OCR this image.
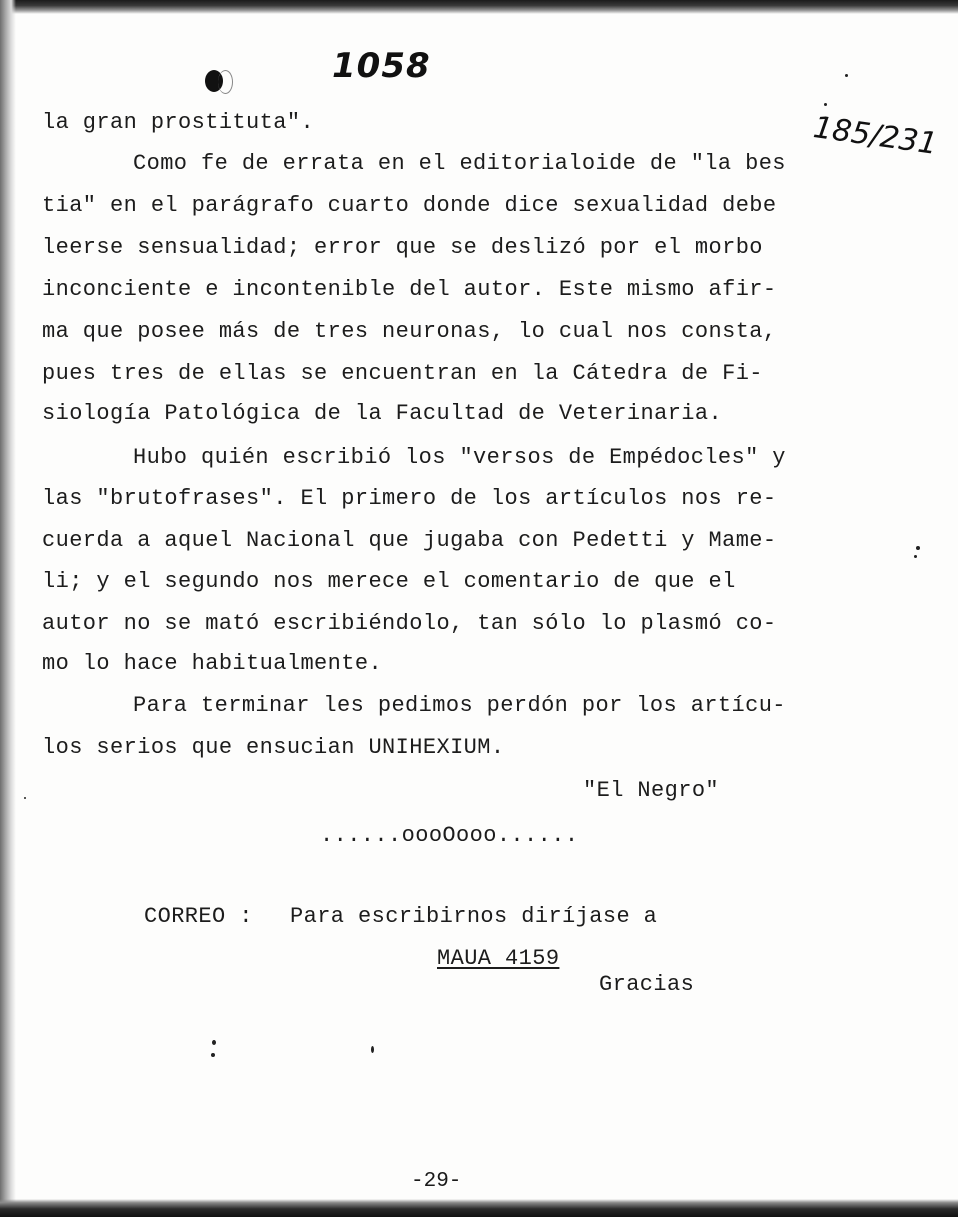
1058
185/231
la gran prostituta".
Como fe de errata en el editorialoide de "la bes
tia" en el parágrafo cuarto donde dice sexualidad debe
leerse sensualidad; error que se deslizó por el morbo
inconciente e incontenible del autor. Este mismo afir-
ma que posee más de tres neuronas, lo cual nos consta,
pues tres de ellas se encuentran en la Cátedra de Fi-
siología Patológica de la Facultad de Veterinaria.
Hubo quién escribió los "versos de Empédocles" y
las "brutofrases". El primero de los artículos nos re-
cuerda a aquel Nacional que jugaba con Pedetti y Mame-
li; y el segundo nos merece el comentario de que el
autor no se mató escribiéndolo, tan sólo lo plasmó co-
mo lo hace habitualmente.
Para terminar les pedimos perdón por los artícu-
los serios que ensucian UNIHEXIUM.
"El Negro"
......oooOooo......
CORREO : Para escribirnos diríjase a
MAUA 4159
Gracias
-29-
